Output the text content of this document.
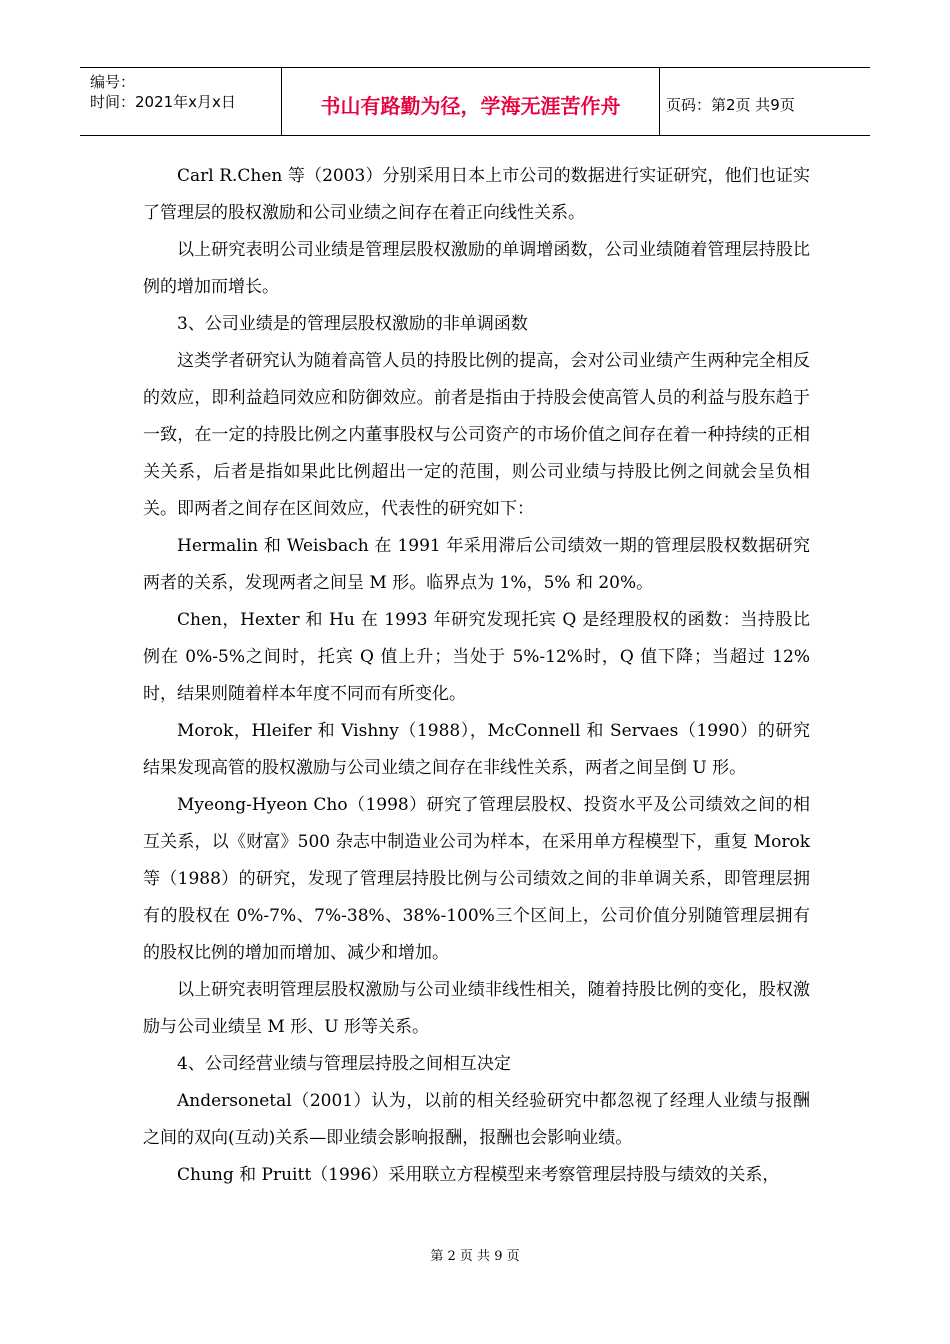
编号：
时间：2021年x月x日	书山有路勤为径，学海无涯苦作舟	页码：第2页 共9页

Carl R.Chen 等（2003）分别采用日本上市公司的数据进行实证研究，他们也证实了管理层的股权激励和公司业绩之间存在着正向线性关系。

以上研究表明公司业绩是管理层股权激励的单调增函数，公司业绩随着管理层持股比例的增加而增长。

3、公司业绩是的管理层股权激励的非单调函数

这类学者研究认为随着高管人员的持股比例的提高，会对公司业绩产生两种完全相反的效应，即利益趋同效应和防御效应。前者是指由于持股会使高管人员的利益与股东趋于一致，在一定的持股比例之内董事股权与公司资产的市场价值之间存在着一种持续的正相关关系，后者是指如果此比例超出一定的范围，则公司业绩与持股比例之间就会呈负相关。即两者之间存在区间效应，代表性的研究如下：

Hermalin 和 Weisbach 在 1991 年采用滞后公司绩效一期的管理层股权数据研究两者的关系，发现两者之间呈 M 形。临界点为 1%，5% 和 20%。

Chen，Hexter 和 Hu 在 1993 年研究发现托宾 Q 是经理股权的函数：当持股比例在 0%-5%之间时，托宾 Q 值上升；当处于 5%-12%时，Q 值下降；当超过 12%时，结果则随着样本年度不同而有所变化。

Morok，Hleifer 和 Vishny（1988），McConnell 和 Servaes（1990）的研究结果发现高管的股权激励与公司业绩之间存在非线性关系，两者之间呈倒 U 形。

Myeong-Hyeon Cho（1998）研究了管理层股权、投资水平及公司绩效之间的相互关系，以《财富》500 杂志中制造业公司为样本，在采用单方程模型下，重复 Morok 等（1988）的研究，发现了管理层持股比例与公司绩效之间的非单调关系，即管理层拥有的股权在 0%-7%、7%-38%、38%-100%三个区间上，公司价值分别随管理层拥有的股权比例的增加而增加、减少和增加。

以上研究表明管理层股权激励与公司业绩非线性相关，随着持股比例的变化，股权激励与公司业绩呈 M 形、U 形等关系。

4、公司经营业绩与管理层持股之间相互决定

Andersonetal（2001）认为，以前的相关经验研究中都忽视了经理人业绩与报酬之间的双向(互动)关系—即业绩会影响报酬，报酬也会影响业绩。

Chung 和 Pruitt（1996）采用联立方程模型来考察管理层持股与绩效的关系，

第 2 页 共 9 页
